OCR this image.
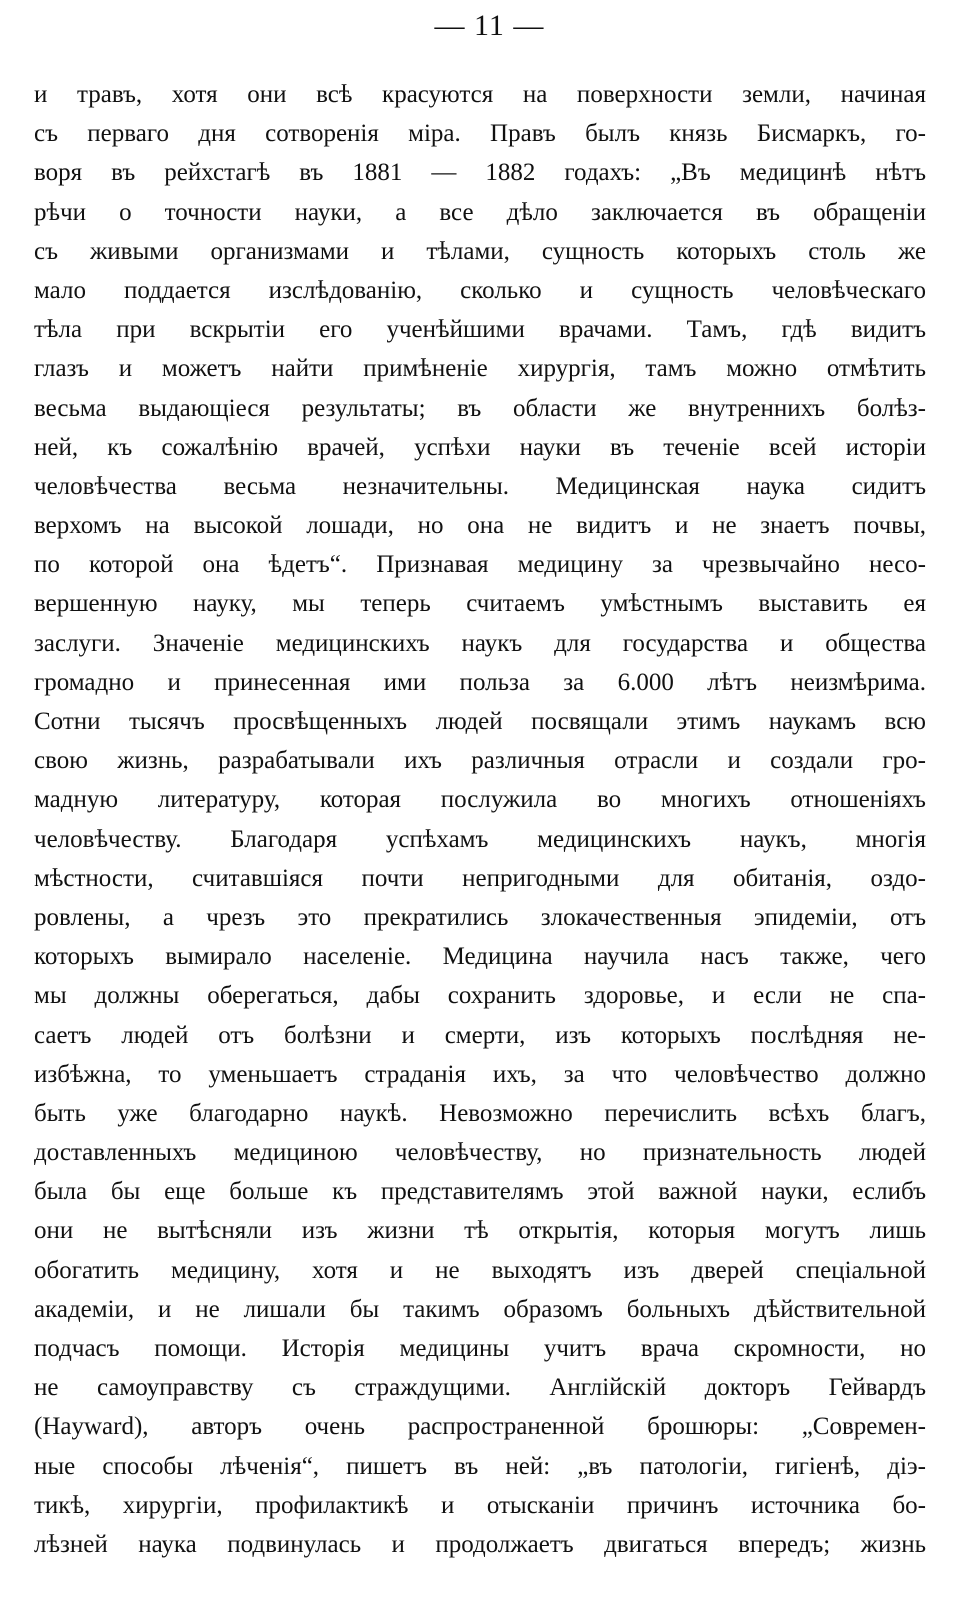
— 11 —
и травъ, хотя они всѣ красуются на поверхности земли, начиная
съ перваго дня сотворенія міра. Правъ былъ князь Бисмаркъ, го-
воря въ рейхстагѣ въ 1881 — 1882 годахъ: „Въ медицинѣ нѣтъ
рѣчи о точности науки, а все дѣло заключается въ обращеніи
съ живыми организмами и тѣлами, сущность которыхъ столь же
мало поддается изслѣдованію, сколько и сущность человѣческаго
тѣла при вскрытіи его ученѣйшими врачами. Тамъ, гдѣ видитъ
глазъ и можетъ найти примѣненіе хирургія, тамъ можно отмѣтить
весьма выдающіеся результаты; въ области же внутреннихъ болѣз-
ней, къ сожалѣнію врачей, успѣхи науки въ теченіе всей исторіи
человѣчества весьма незначительны. Медицинская наука сидитъ
верхомъ на высокой лошади, но она не видитъ и не знаетъ почвы,
по которой она ѣдетъ“. Признавая медицину за чрезвычайно несо-
вершенную науку, мы теперь считаемъ умѣстнымъ выставить ея
заслуги. Значеніе медицинскихъ наукъ для государства и общества
громадно и принесенная ими польза за 6.000 лѣтъ неизмѣрима.
Сотни тысячъ просвѣщенныхъ людей посвящали этимъ наукамъ всю
свою жизнь, разрабатывали ихъ различныя отрасли и создали гро-
мадную литературу, которая послужила во многихъ отношеніяхъ
человѣчеству. Благодаря успѣхамъ медицинскихъ наукъ, многія
мѣстности, считавшіяся почти непригодными для обитанія, оздо-
ровлены, а чрезъ это прекратились злокачественныя эпидеміи, отъ
которыхъ вымирало населеніе. Медицина научила насъ также, чего
мы должны оберегаться, дабы сохранить здоровье, и если не спа-
саетъ людей отъ болѣзни и смерти, изъ которыхъ послѣдняя не-
избѣжна, то уменьшаетъ страданія ихъ, за что человѣчество должно
быть уже благодарно наукѣ. Невозможно перечислить всѣхъ благъ,
доставленныхъ медициною человѣчеству, но признательность людей
была бы еще больше къ представителямъ этой важной науки, еслибъ
они не вытѣсняли изъ жизни тѣ открытія, которыя могутъ лишь
обогатить медицину, хотя и не выходятъ изъ дверей спеціальной
академіи, и не лишали бы такимъ образомъ больныхъ дѣйствительной
подчасъ помощи. Исторія медицины учитъ врача скромности, но
не самоуправству съ страждущими. Англійскій докторъ Гейвардъ
(Hayward), авторъ очень распространенной брошюры: „Современ-
ные способы лѣченія“, пишетъ въ ней: „въ патологіи, гигіенѣ, діэ-
тикѣ, хирургіи, профилактикѣ и отысканіи причинъ источника бо-
лѣзней наука подвинулась и продолжаетъ двигаться впередъ; жизнь
